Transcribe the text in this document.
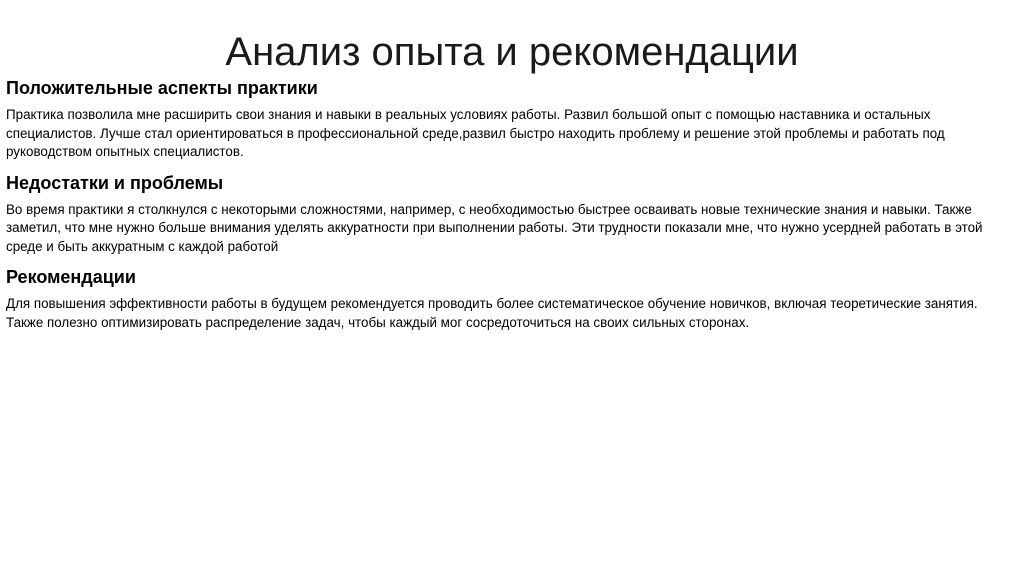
Анализ опыта и рекомендации
Положительные аспекты практики

Практика позволила мне расширить свои знания и навыки в реальных условиях работы. Развил большой опыт с помощью наставника и остальных специалистов. Лучше стал ориентироваться в профессиональной среде,развил быстро находить проблему и решение этой проблемы и работать под руководством опытных специалистов.

Недостатки и проблемы

Во время практики я столкнулся с некоторыми сложностями, например, с необходимостью быстрее осваивать новые технические знания и навыки. Также заметил, что мне нужно больше внимания уделять аккуратности при выполнении работы. Эти трудности показали мне, что нужно усердней работать в этой среде и быть аккуратным с каждой работой

Рекомендации

Для повышения эффективности работы в будущем рекомендуется проводить более систематическое обучение новичков, включая теоретические занятия. Также полезно оптимизировать распределение задач, чтобы каждый мог сосредоточиться на своих сильных сторонах.
